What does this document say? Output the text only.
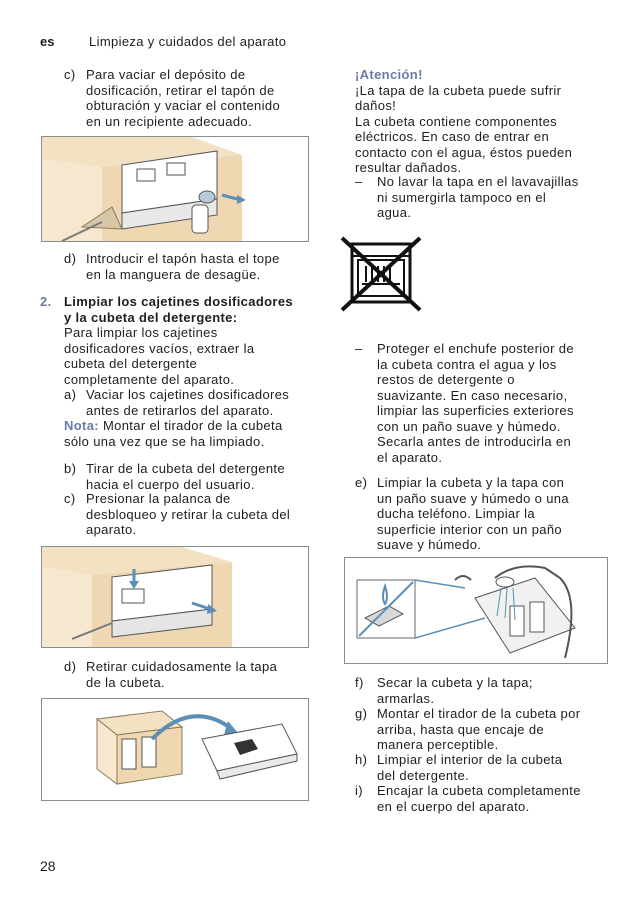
es	Limpieza y cuidados del aparato
c) Para vaciar el depósito de
dosificación, retirar el tapón de
obturación y vaciar el contenido
en un recipiente adecuado.
d) Introducir el tapón hasta el tope
en la manguera de desagüe.
2. Limpiar los cajetines dosificadores
y la cubeta del detergente:
Para limpiar los cajetines
dosificadores vacíos, extraer la
cubeta del detergente
completamente del aparato.
a) Vaciar los cajetines dosificadores
antes de retirarlos del aparato.
Nota: Montar el tirador de la cubeta
sólo una vez que se ha limpiado.
b) Tirar de la cubeta del detergente
hacia el cuerpo del usuario.
c) Presionar la palanca de
desbloqueo y retirar la cubeta del
aparato.
d) Retirar cuidadosamente la tapa
de la cubeta.
¡Atención!
¡La tapa de la cubeta puede sufrir
daños!
La cubeta contiene componentes
eléctricos. En caso de entrar en
contacto con el agua, éstos pueden
resultar dañados.
– No lavar la tapa en el lavavajillas
ni sumergirla tampoco en el
agua.
– Proteger el enchufe posterior de
la cubeta contra el agua y los
restos de detergente o
suavizante. En caso necesario,
limpiar las superficies exteriores
con un paño suave y húmedo.
Secarla antes de introducirla en
el aparato.
e) Limpiar la cubeta y la tapa con
un paño suave y húmedo o una
ducha teléfono. Limpiar la
superficie interior con un paño
suave y húmedo.
f) Secar la cubeta y la tapa;
armarlas.
g) Montar el tirador de la cubeta por
arriba, hasta que encaje de
manera perceptible.
h) Limpiar el interior de la cubeta
del detergente.
i) Encajar la cubeta completamente
en el cuerpo del aparato.
28
